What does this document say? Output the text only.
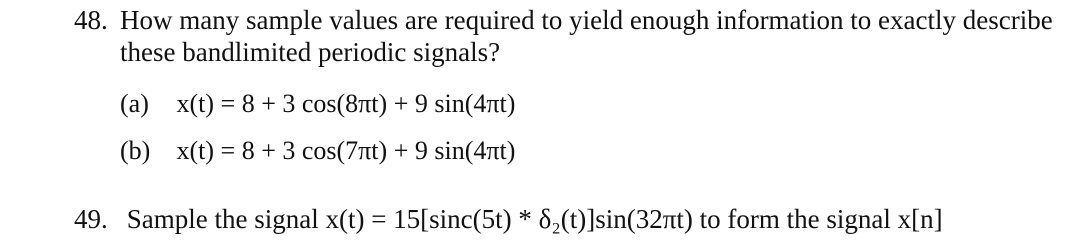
48. How many sample values are required to yield enough information to exactly describe these bandlimited periodic signals?
(a) x(t) = 8 + 3 cos(8πt) + 9 sin(4πt)
(b) x(t) = 8 + 3 cos(7πt) + 9 sin(4πt)
49. Sample the signal x(t) = 15[sinc(5t) * δ₂(t)]sin(32πt) to form the signal x[n]
